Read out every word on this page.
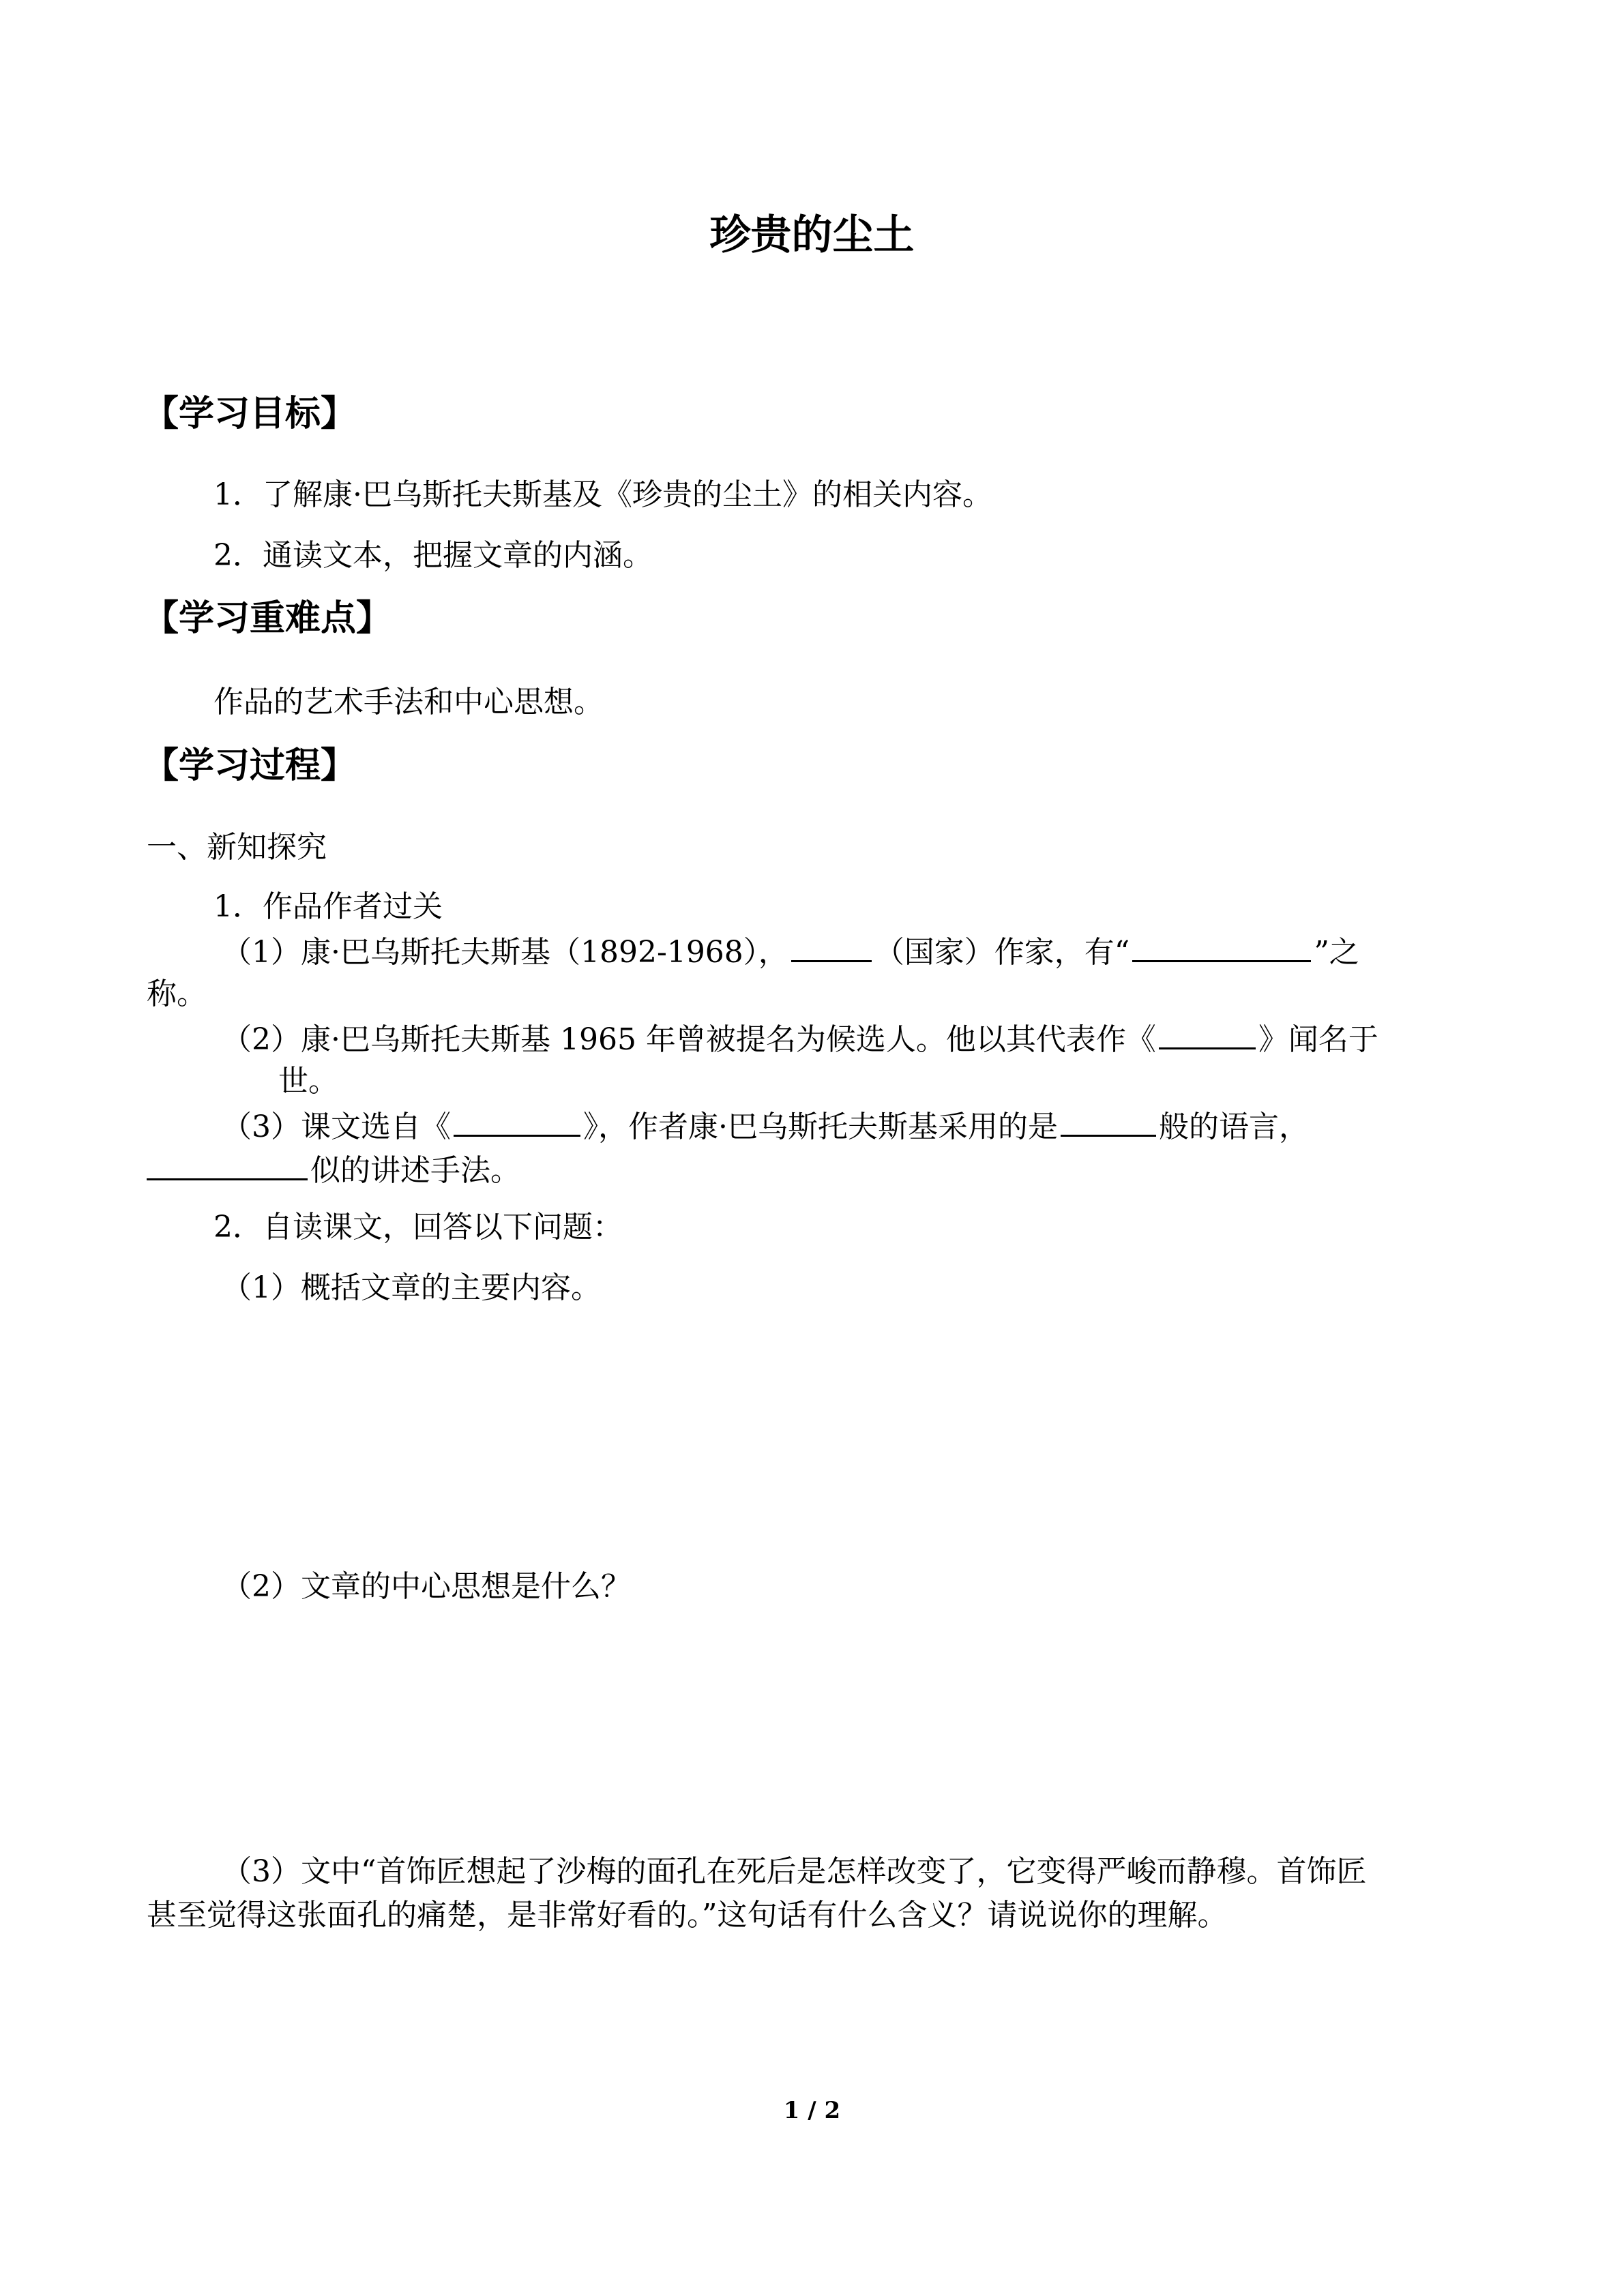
珍贵的尘土
【学习目标】
1．了解康·巴乌斯托夫斯基及《珍贵的尘土》的相关内容。
2．通读文本，把握文章的内涵。
【学习重难点】
作品的艺术手法和中心思想。
【学习过程】
一、新知探究
1．作品作者过关
（1）康·巴乌斯托夫斯基（1892-1968），	（国家）作家，有“	”之
称。
（2）康·巴乌斯托夫斯基 1965 年曾被提名为候选人。他以其代表作《	》闻名于
世。
（3）课文选自《	》，作者康·巴乌斯托夫斯基采用的是	般的语言，
似的讲述手法。
2．自读课文，回答以下问题：
（1）概括文章的主要内容。
（2）文章的中心思想是什么？
（3）文中“首饰匠想起了沙梅的面孔在死后是怎样改变了，它变得严峻而静穆。首饰匠
甚至觉得这张面孔的痛楚，是非常好看的。”这句话有什么含义？请说说你的理解。
1 / 2
